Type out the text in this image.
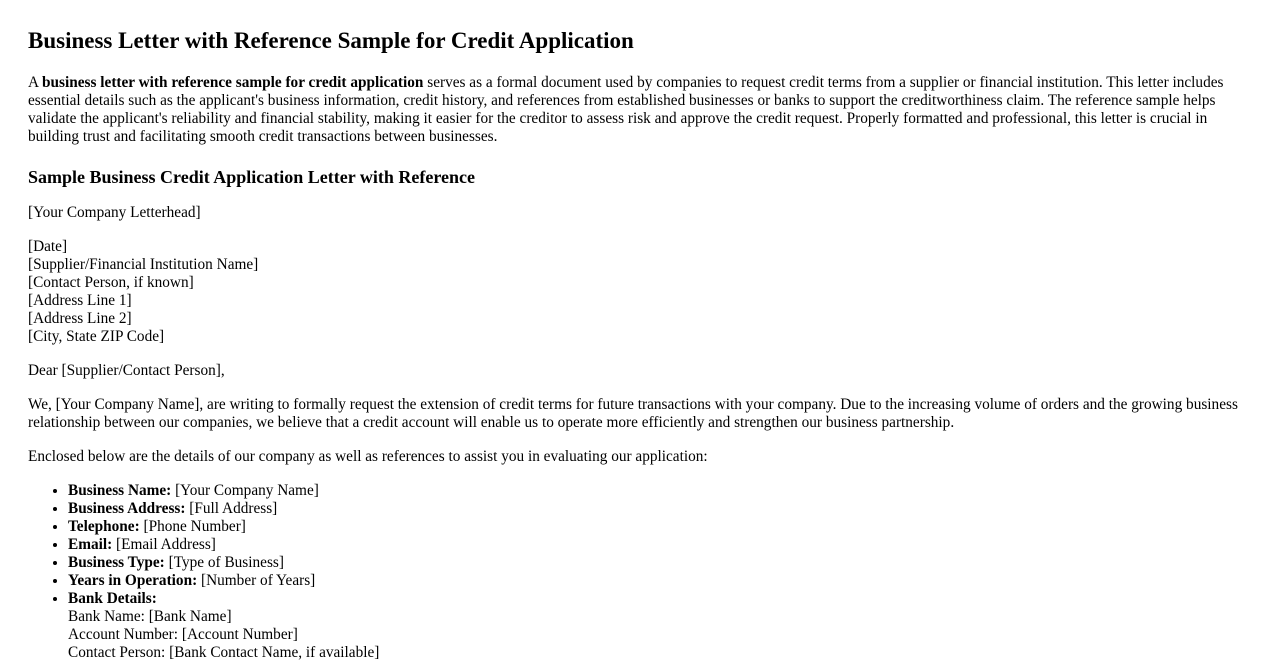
Business Letter with Reference Sample for Credit Application

A business letter with reference sample for credit application serves as a formal document used by companies to request credit terms from a supplier or financial institution. This letter includes essential details such as the applicant's business information, credit history, and references from established businesses or banks to support the creditworthiness claim. The reference sample helps validate the applicant's reliability and financial stability, making it easier for the creditor to assess risk and approve the credit request. Properly formatted and professional, this letter is crucial in building trust and facilitating smooth credit transactions between businesses.

Sample Business Credit Application Letter with Reference

[Your Company Letterhead]

[Date]
[Supplier/Financial Institution Name]
[Contact Person, if known]
[Address Line 1]
[Address Line 2]
[City, State ZIP Code]

Dear [Supplier/Contact Person],

We, [Your Company Name], are writing to formally request the extension of credit terms for future transactions with your company. Due to the increasing volume of orders and the growing business relationship between our companies, we believe that a credit account will enable us to operate more efficiently and strengthen our business partnership.

Enclosed below are the details of our company as well as references to assist you in evaluating our application:

• Business Name: [Your Company Name]
• Business Address: [Full Address]
• Telephone: [Phone Number]
• Email: [Email Address]
• Business Type: [Type of Business]
• Years in Operation: [Number of Years]
• Bank Details:
Bank Name: [Bank Name]
Account Number: [Account Number]
Contact Person: [Bank Contact Name, if available]
